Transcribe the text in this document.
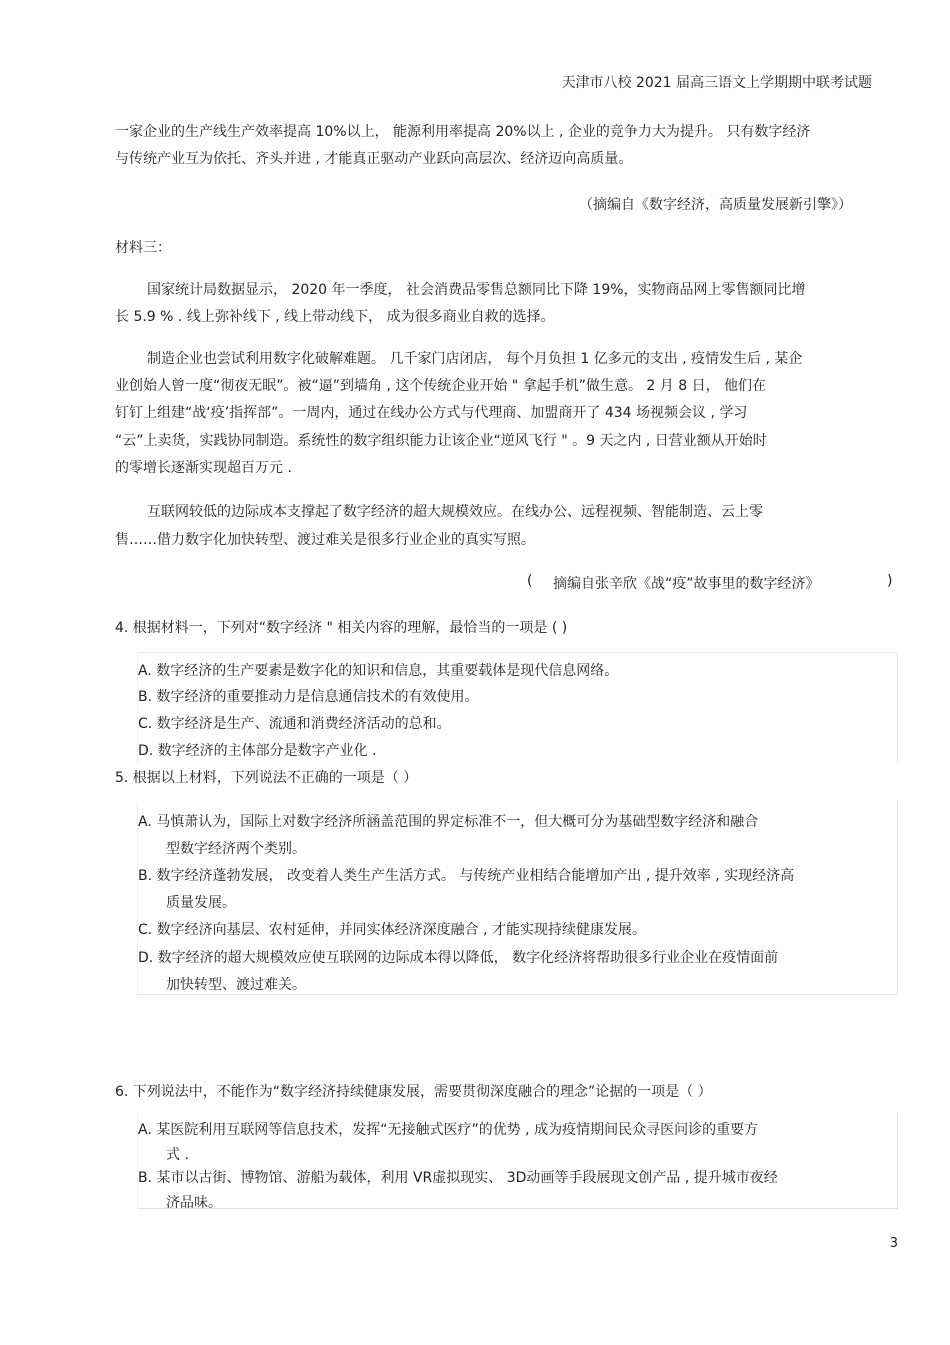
天津市八校 2021 届高三语文上学期期中联考试题
一家企业的生产线生产效率提高 10%以上， 能源利用率提高 20%以上 , 企业的竞争力大为提升。 只有数字经济
与传统产业互为依托、齐头并进 , 才能真正驱动产业跃向高层次、经济迈向高质量。
（摘编自《数字经济，高质量发展新引擎》）
材料三：
国家统计局数据显示， 2020 年一季度， 社会消费品零售总额同比下降 19%，实物商品网上零售额同比增
长 5.9 % . 线上弥补线下 , 线上带动线下， 成为很多商业自救的选择。
制造企业也尝试利用数字化破解难题。 几千家门店闭店， 每个月负担 1 亿多元的支出 , 疫情发生后 , 某企
业创始人曾一度“彻夜无眠”。被“逼”到墙角 , 这个传统企业开始 " 拿起手机”做生意。 2 月 8 日， 他们在
钉钉上组建“战‘疫’指挥部”。一周内，通过在线办公方式与代理商、加盟商开了 434 场视频会议 , 学习
“云”上卖货，实践协同制造。系统性的数字组织能力让该企业“逆风飞行 " 。9 天之内 , 日营业额从开始时
的零增长逐渐实现超百万元 .
互联网较低的边际成本支撑起了数字经济的超大规模效应。在线办公、远程视频、智能制造、云上零
售……借力数字化加快转型、渡过难关是很多行业企业的真实写照。
( 摘编自张辛欣《战“疫”故事里的数字经济》	)
4. 根据材料一，下列对“数字经济 " 相关内容的理解，最恰当的一项是 ( )
A. 数字经济的生产要素是数字化的知识和信息，其重要载体是现代信息网络。
B. 数字经济的重要推动力是信息通信技术的有效使用。
C. 数字经济是生产、流通和消费经济活动的总和。
D. 数字经济的主体部分是数字产业化 .
5. 根据以上材料，下列说法不正确的一项是（ ）
A. 马慎萧认为，国际上对数字经济所涵盖范围的界定标准不一，但大概可分为基础型数字经济和融合
型数字经济两个类别。
B. 数字经济蓬勃发展， 改变着人类生产生活方式。 与传统产业相结合能增加产出 , 提升效率 , 实现经济高
质量发展。
C. 数字经济向基层、农村延伸，并同实体经济深度融合 , 才能实现持续健康发展。
D. 数字经济的超大规模效应使互联网的边际成本得以降低， 数字化经济将帮助很多行业企业在疫情面前
加快转型、渡过难关。
6. 下列说法中，不能作为“数字经济持续健康发展，需要贯彻深度融合的理念”论据的一项是（ ）
A. 某医院利用互联网等信息技术，发挥“无接触式医疗”的优势 , 成为疫情期间民众寻医问诊的重要方
式 .
B. 某市以古街、博物馆、游船为载体，利用 VR虚拟现实、 3D动画等手段展现文创产品 , 提升城市夜经
济品味。
3
